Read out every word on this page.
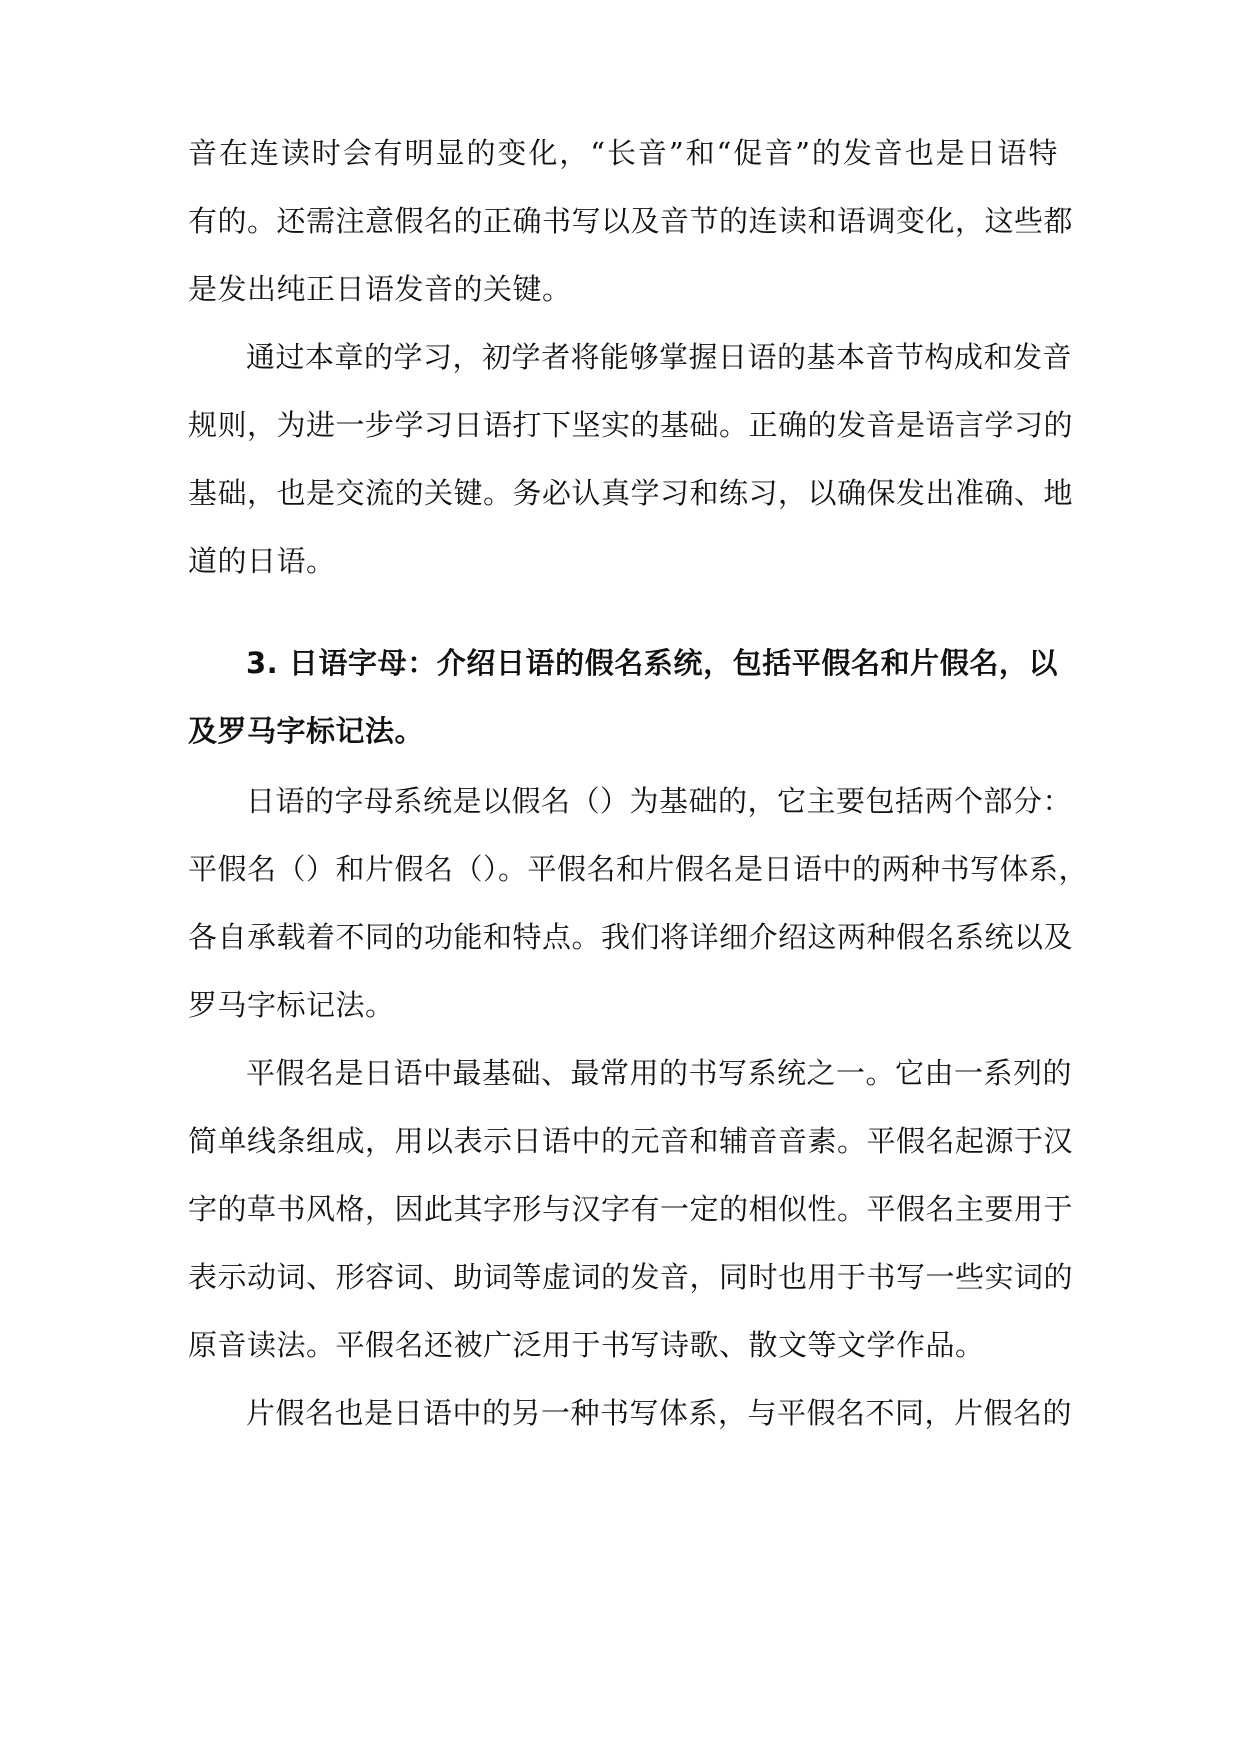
音在连读时会有明显的变化，“长音”和“促音”的发音也是日语特
有的。还需注意假名的正确书写以及音节的连读和语调变化，这些都
是发出纯正日语发音的关键。
通过本章的学习，初学者将能够掌握日语的基本音节构成和发音
规则，为进一步学习日语打下坚实的基础。正确的发音是语言学习的
基础，也是交流的关键。务必认真学习和练习，以确保发出准确、地
道的日语。
3. 日语字母：介绍日语的假名系统，包括平假名和片假名，以
及罗马字标记法。
日语的字母系统是以假名（）为基础的，它主要包括两个部分：
平假名（）和片假名（）。平假名和片假名是日语中的两种书写体系，
各自承载着不同的功能和特点。我们将详细介绍这两种假名系统以及
罗马字标记法。
平假名是日语中最基础、最常用的书写系统之一。它由一系列的
简单线条组成，用以表示日语中的元音和辅音音素。平假名起源于汉
字的草书风格，因此其字形与汉字有一定的相似性。平假名主要用于
表示动词、形容词、助词等虚词的发音，同时也用于书写一些实词的
原音读法。平假名还被广泛用于书写诗歌、散文等文学作品。
片假名也是日语中的另一种书写体系，与平假名不同，片假名的
